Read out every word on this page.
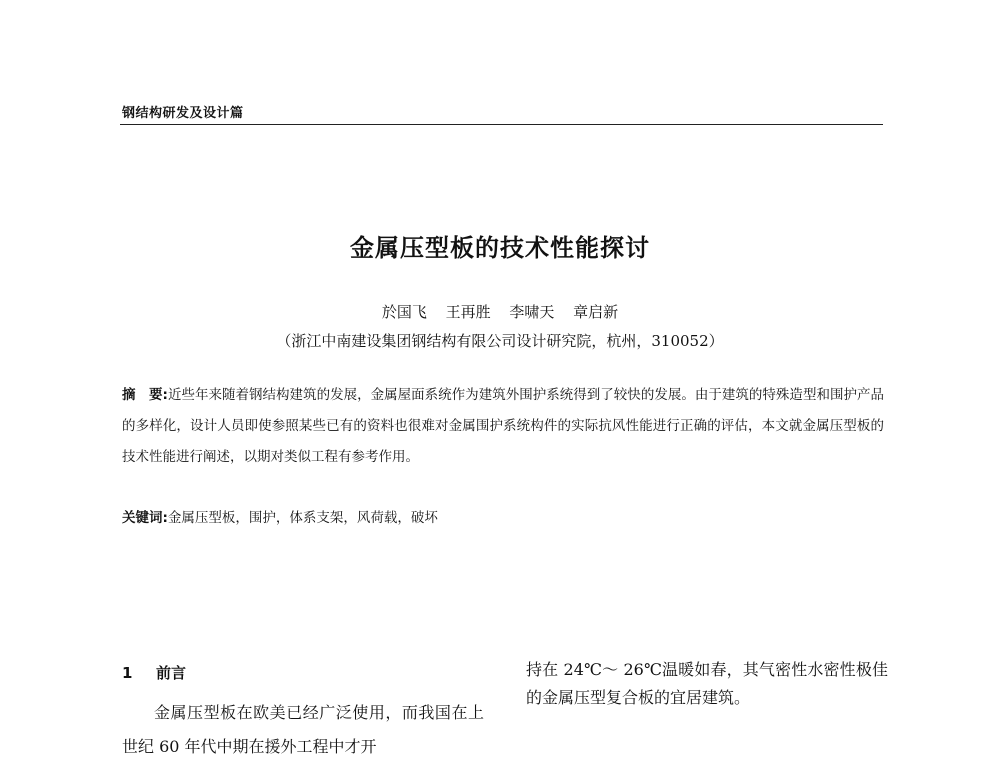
钢结构研发及设计篇
金属压型板的技术性能探讨
於国飞 王再胜 李啸天 章启新
（浙江中南建设集团钢结构有限公司设计研究院，杭州，310052）

摘　要:近些年来随着钢结构建筑的发展，金属屋面系统作为建筑外围护系统得到了较快的发展。由于建筑的特殊造型和围护产品的多样化，设计人员即使参照某些已有的资料也很难对金属围护系统构件的实际抗风性能进行正确的评估，本文就金属压型板的技术性能进行阐述，以期对类似工程有参考作用。

关键词:金属压型板，围护，体系支架，风荷载，破坏

1 前言

金属压型板在欧美已经广泛使用，而我国在上世纪 60 年代中期在援外工程中才开

持在 24℃～ 26℃温暖如春，其气密性水密性极佳的金属压型复合板的宜居建筑。
